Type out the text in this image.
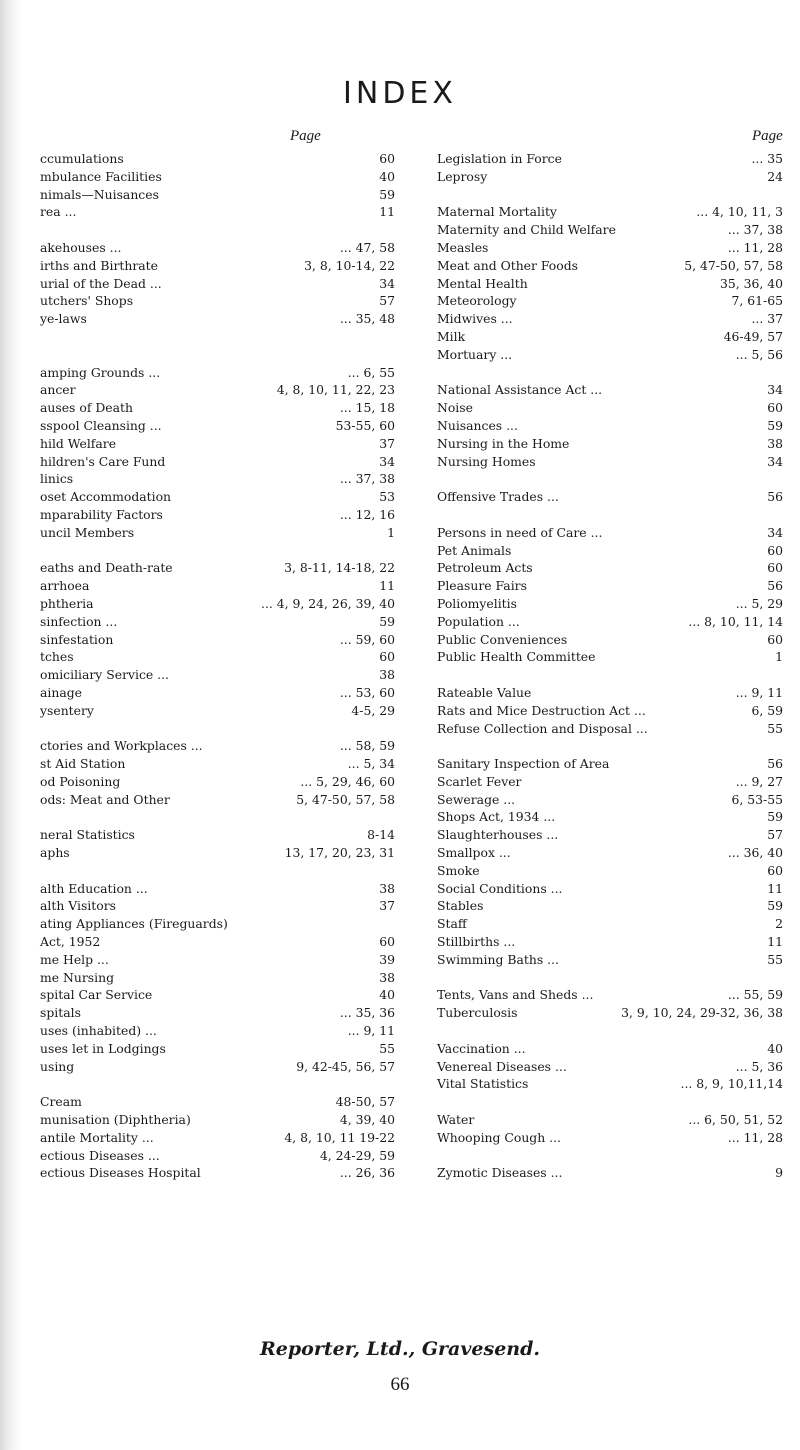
INDEX
Page	Page
ccumulations	60
mbulance Facilities	40
nimals—Nuisances	59
rea ...	11
akehouses ...	... 47, 58
irths and Birthrate	3, 8, 10-14, 22
urial of the Dead ...	34
utchers' Shops	57
ye-laws	... 35, 48
amping Grounds ...	... 6, 55
ancer	4, 8, 10, 11, 22, 23
auses of Death	... 15, 18
sspool Cleansing ...	53-55, 60
hild Welfare	37
hildren's Care Fund	34
linics	... 37, 38
oset Accommodation	53
mparability Factors	... 12, 16
uncil Members	1
eaths and Death-rate	3, 8-11, 14-18, 22
arrhoea	11
phtheria	... 4, 9, 24, 26, 39, 40
sinfection ...	59
sinfestation	... 59, 60
tches	60
omiciliary Service ...	38
ainage	... 53, 60
ysentery	4-5, 29
ctories and Workplaces ...	... 58, 59
st Aid Station	... 5, 34
od Poisoning	... 5, 29, 46, 60
ods: Meat and Other	5, 47-50, 57, 58
neral Statistics	8-14
aphs	13, 17, 20, 23, 31
alth Education ...	38
alth Visitors	37
ating Appliances (Fireguards)
Act, 1952	60
me Help ...	39
me Nursing	38
spital Car Service	40
spitals	... 35, 36
uses (inhabited) ...	... 9, 11
uses let in Lodgings	55
using	9, 42-45, 56, 57
Cream	48-50, 57
munisation (Diphtheria)	4, 39, 40
antile Mortality ...	4, 8, 10, 11 19-22
ectious Diseases ...	4, 24-29, 59
ectious Diseases Hospital	... 26, 36
Legislation in Force	... 35
Leprosy	24
Maternal Mortality	... 4, 10, 11, 3
Maternity and Child Welfare	... 37, 38
Measles	... 11, 28
Meat and Other Foods	5, 47-50, 57, 58
Mental Health	35, 36, 40
Meteorology	7, 61-65
Midwives ...	... 37
Milk	46-49, 57
Mortuary ...	... 5, 56
National Assistance Act ...	34
Noise	60
Nuisances ...	59
Nursing in the Home	38
Nursing Homes	34
Offensive Trades ...	56
Persons in need of Care ...	34
Pet Animals	60
Petroleum Acts	60
Pleasure Fairs	56
Poliomyelitis	... 5, 29
Population ...	... 8, 10, 11, 14
Public Conveniences	60
Public Health Committee	1
Rateable Value	... 9, 11
Rats and Mice Destruction Act ...	6, 59
Refuse Collection and Disposal ...	55
Sanitary Inspection of Area	56
Scarlet Fever	... 9, 27
Sewerage ...	6, 53-55
Shops Act, 1934 ...	59
Slaughterhouses ...	57
Smallpox ...	... 36, 40
Smoke	60
Social Conditions ...	11
Stables	59
Staff	2
Stillbirths ...	11
Swimming Baths ...	55
Tents, Vans and Sheds ...	... 55, 59
Tuberculosis	3, 9, 10, 24, 29-32, 36, 38
Vaccination ...	40
Venereal Diseases ...	... 5, 36
Vital Statistics	... 8, 9, 10,11,14
Water	... 6, 50, 51, 52
Whooping Cough ...	... 11, 28
Zymotic Diseases ...	9
Reporter, Ltd., Gravesend.
66
